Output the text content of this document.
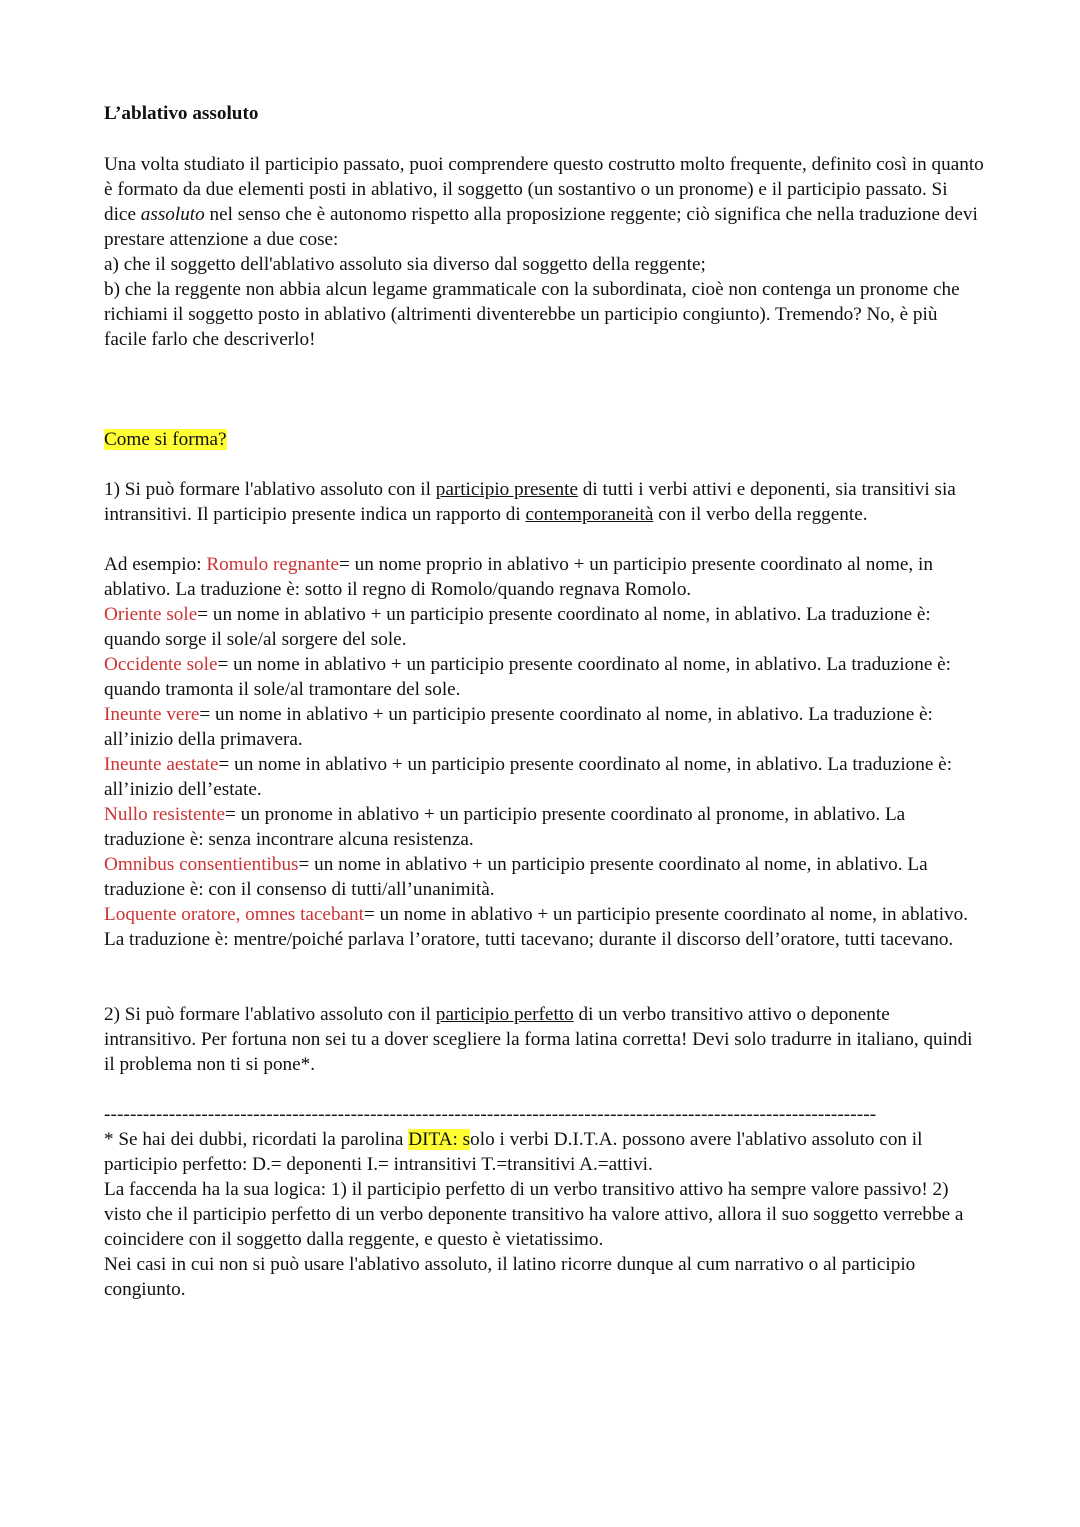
L’ablativo assoluto

Una volta studiato il participio passato, puoi comprendere questo costrutto molto frequente, definito così in quanto è formato da due elementi posti in ablativo, il soggetto (un sostantivo o un pronome) e il participio passato. Si dice assoluto nel senso che è autonomo rispetto alla proposizione reggente; ciò significa che nella traduzione devi prestare attenzione a due cose:
a) che il soggetto dell'ablativo assoluto sia diverso dal soggetto della reggente;
b) che la reggente non abbia alcun legame grammaticale con la subordinata, cioè non contenga un pronome che richiami il soggetto posto in ablativo (altrimenti diventerebbe un participio congiunto). Tremendo? No, è più facile farlo che descriverlo!

Come si forma?

1) Si può formare l'ablativo assoluto con il participio presente di tutti i verbi attivi e deponenti, sia transitivi sia intransitivi. Il participio presente indica un rapporto di contemporaneità con il verbo della reggente.

Ad esempio: Romulo regnante= un nome proprio in ablativo + un participio presente coordinato al nome, in ablativo. La traduzione è: sotto il regno di Romolo/quando regnava Romolo.

Oriente sole= un nome in ablativo + un participio presente coordinato al nome, in ablativo. La traduzione è: quando sorge il sole/al sorgere del sole.

Occidente sole= un nome in ablativo + un participio presente coordinato al nome, in ablativo. La traduzione è: quando tramonta il sole/al tramontare del sole.

Ineunte vere= un nome in ablativo + un participio presente coordinato al nome, in ablativo. La traduzione è: all’inizio della primavera.

Ineunte aestate= un nome in ablativo + un participio presente coordinato al nome, in ablativo. La traduzione è: all’inizio dell’estate.

Nullo resistente= un pronome in ablativo + un participio presente coordinato al pronome, in ablativo. La traduzione è: senza incontrare alcuna resistenza.

Omnibus consentientibus= un nome in ablativo + un participio presente coordinato al nome, in ablativo. La traduzione è: con il consenso di tutti/all’unanimità.

Loquente oratore, omnes tacebant= un nome in ablativo + un participio presente coordinato al nome, in ablativo. La traduzione è: mentre/poiché parlava l’oratore, tutti tacevano; durante il discorso dell’oratore, tutti tacevano.

2) Si può formare l'ablativo assoluto con il participio perfetto di un verbo transitivo attivo o deponente intransitivo. Per fortuna non sei tu a dover scegliere la forma latina corretta! Devi solo tradurre in italiano, quindi il problema non ti si pone*.

-----------------------------------------------------------------------------------------------------------------------

* Se hai dei dubbi, ricordati la parolina DITA: solo i verbi D.I.T.A. possono avere l'ablativo assoluto con il participio perfetto: D.= deponenti I.= intransitivi T.=transitivi A.=attivi.
La faccenda ha la sua logica: 1) il participio perfetto di un verbo transitivo attivo ha sempre valore passivo! 2) visto che il participio perfetto di un verbo deponente transitivo ha valore attivo, allora il suo soggetto verrebbe a coincidere con il soggetto dalla reggente, e questo è vietatissimo.
Nei casi in cui non si può usare l'ablativo assoluto, il latino ricorre dunque al cum narrativo o al participio congiunto.
